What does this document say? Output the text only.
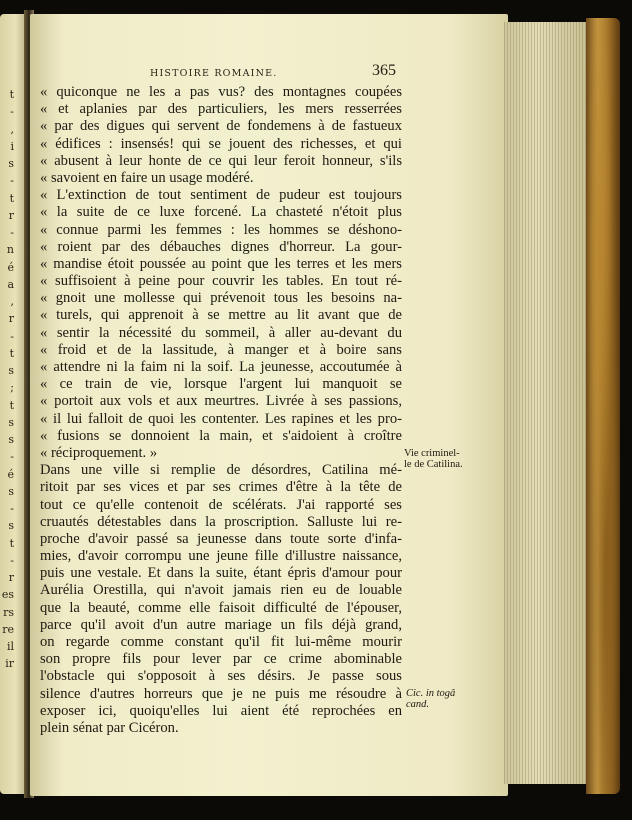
t
-
,
i
s
-
t
r
-
n
é
a
,
r
-
t
s
;
t
s
s
-
é
s
-
s
t
-
r
es
rs
re
il
ir
HISTOIRE ROMAINE.	365
« quiconque ne les a pas vus? des montagnes coupées
« et aplanies par des particuliers, les mers resserrées
« par des digues qui servent de fondemens à de fastueux
« édifices : insensés! qui se jouent des richesses, et qui
« abusent à leur honte de ce qui leur feroit honneur, s'ils
« savoient en faire un usage modéré.
« L'extinction de tout sentiment de pudeur est toujours
« la suite de ce luxe forcené. La chasteté n'étoit plus
« connue parmi les femmes : les hommes se déshono-
« roient par des débauches dignes d'horreur. La gour-
« mandise étoit poussée au point que les terres et les mers
« suffisoient à peine pour couvrir les tables. En tout ré-
« gnoit une mollesse qui prévenoit tous les besoins na-
« turels, qui apprenoit à se mettre au lit avant que de
« sentir la nécessité du sommeil, à aller au-devant du
« froid et de la lassitude, à manger et à boire sans
« attendre ni la faim ni la soif. La jeunesse, accoutumée à
« ce train de vie, lorsque l'argent lui manquoit se
« portoit aux vols et aux meurtres. Livrée à ses passions,
« il lui falloit de quoi les contenter. Les rapines et les pro-
« fusions se donnoient la main, et s'aidoient à croître
« réciproquement. »
Dans une ville si remplie de désordres, Catilina mé-
ritoit par ses vices et par ses crimes d'être à la tête de
tout ce qu'elle contenoit de scélérats. J'ai rapporté ses
cruautés détestables dans la proscription. Salluste lui re-
proche d'avoir passé sa jeunesse dans toute sorte d'infa-
mies, d'avoir corrompu une jeune fille d'illustre naissance,
puis une vestale. Et dans la suite, étant épris d'amour pour
Aurélia Orestilla, qui n'avoit jamais rien eu de louable
que la beauté, comme elle faisoit difficulté de l'épouser,
parce qu'il avoit d'un autre mariage un fils déjà grand,
on regarde comme constant qu'il fit lui-même mourir
son propre fils pour lever par ce crime abominable
l'obstacle qui s'opposoit à ses désirs. Je passe sous
silence d'autres horreurs que je ne puis me résoudre à
exposer ici, quoiqu'elles lui aient été reprochées en
plein sénat par Cicéron.
Vie criminel-
le de Catilina.
Cic. in togâ
cand.
